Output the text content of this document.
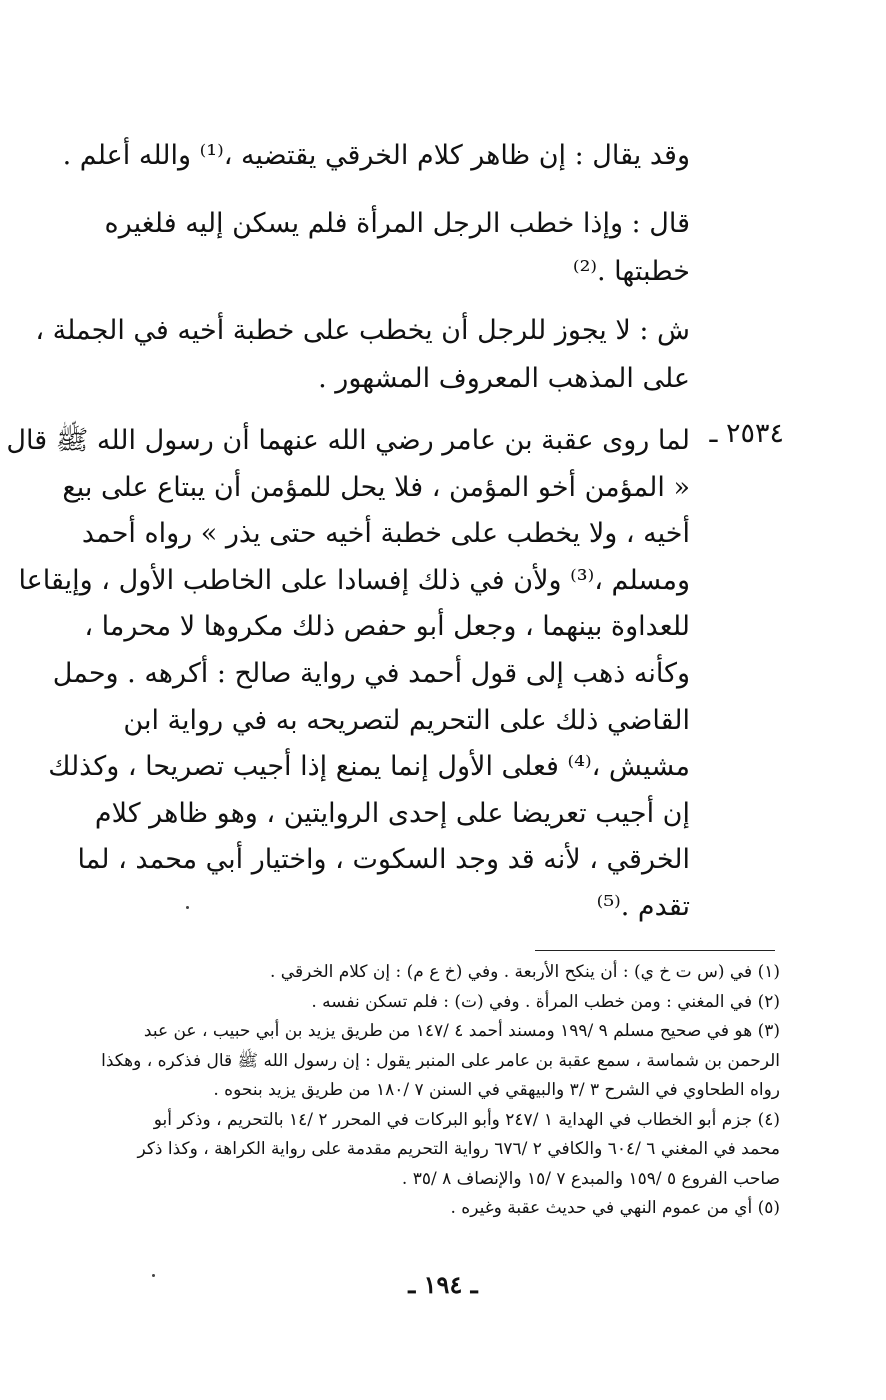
وقد يقال : إن ظاهر كلام الخرقي يقتضيه ،⁽¹⁾ والله أعلم .
قال : وإذا خطب الرجل المرأة فلم يسكن إليه فلغيره
خطبتها .⁽²⁾
ش : لا يجوز للرجل أن يخطب على خطبة أخيه في الجملة ،
على المذهب المعروف المشهور .
٢٥٣٤ ـ
لما روى عقبة بن عامر رضي الله عنهما أن رسول الله ﷺ قال
« المؤمن أخو المؤمن ، فلا يحل للمؤمن أن يبتاع على بيع
أخيه ، ولا يخطب على خطبة أخيه حتى يذر » رواه أحمد
ومسلم ،⁽³⁾ ولأن في ذلك إفسادا على الخاطب الأول ، وإيقاعا
للعداوة بينهما ، وجعل أبو حفص ذلك مكروها لا محرما ،
وكأنه ذهب إلى قول أحمد في رواية صالح : أكرهه . وحمل
القاضي ذلك على التحريم لتصريحه به في رواية ابن
مشيش ،⁽⁴⁾ فعلى الأول إنما يمنع إذا أجيب تصريحا ، وكذلك
إن أجيب تعريضا على إحدى الروايتين ، وهو ظاهر كلام
الخرقي ، لأنه قد وجد السكوت ، واختيار أبي محمد ، لما
تقدم .⁽⁵⁾
(١) في (س ت خ ي) : أن ينكح الأربعة . وفي (خ ع م) : إن كلام الخرقي .
(٢) في المغني : ومن خطب المرأة . وفي (ت) : فلم تسكن نفسه .
(٣) هو في صحيح مسلم ٩ /١٩٩ ومسند أحمد ٤ /١٤٧ من طريق يزيد بن أبي حبيب ، عن عبد
الرحمن بن شماسة ، سمع عقبة بن عامر على المنبر يقول : إن رسول الله ﷺ قال فذكره ، وهكذا
رواه الطحاوي في الشرح ٣ /٣ والبيهقي في السنن ٧ /١٨٠ من طريق يزيد بنحوه .
(٤) جزم أبو الخطاب في الهداية ١ /٢٤٧ وأبو البركات في المحرر ٢ /١٤ بالتحريم ، وذكر أبو
محمد في المغني ٦ /٦٠٤ والكافي ٢ /٦٧٦ رواية التحريم مقدمة على رواية الكراهة ، وكذا ذكر
صاحب الفروع ٥ /١٥٩ والمبدع ٧ /١٥ والإنصاف ٨ /٣٥ .
(٥) أي من عموم النهي في حديث عقبة وغيره .
ـ ١٩٤ ـ
